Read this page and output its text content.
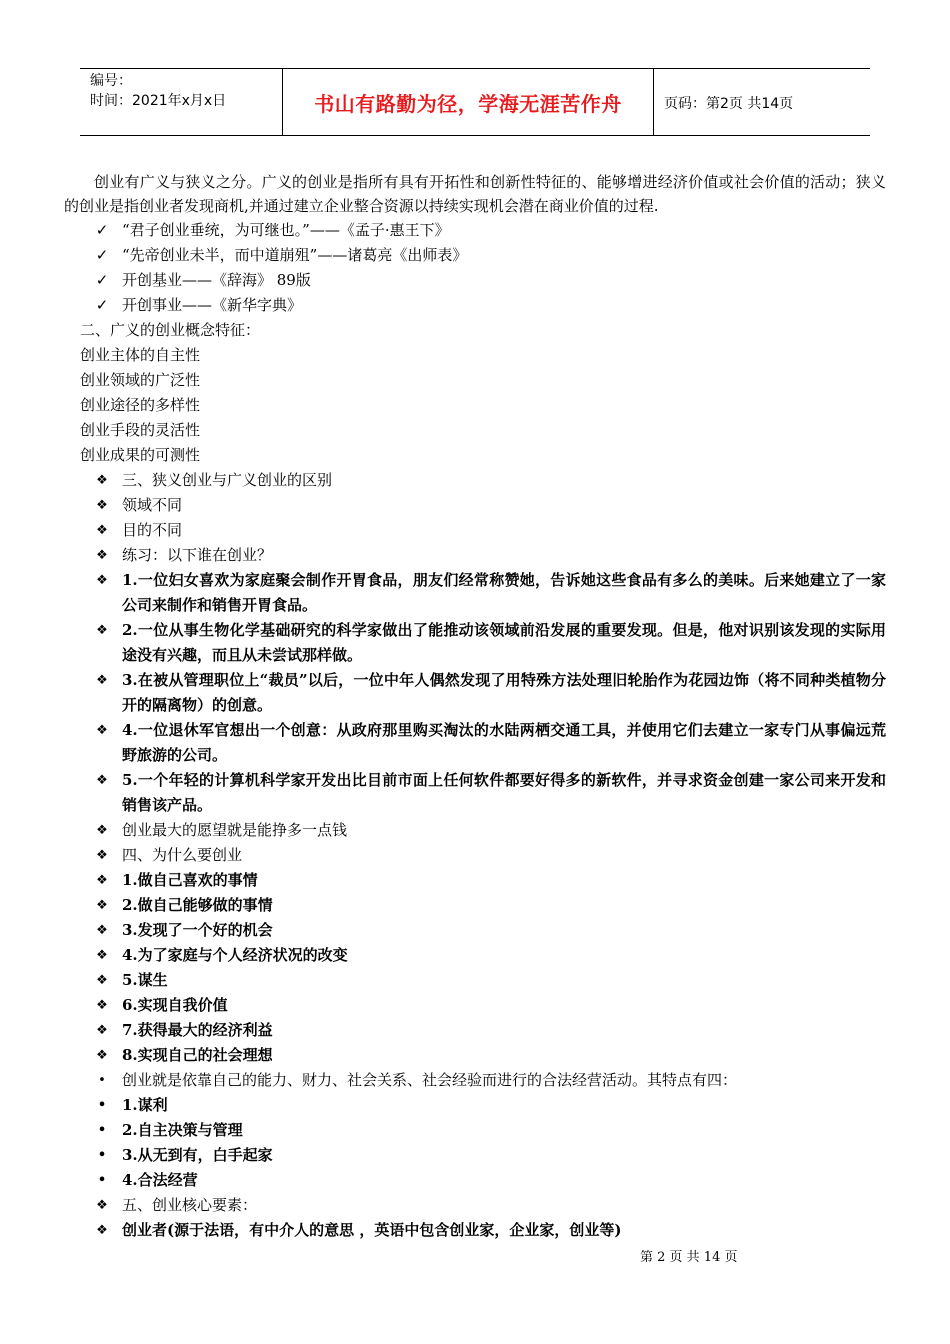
编号：
时间：2021年x月x日	书山有路勤为径，学海无涯苦作舟	页码：第2页 共14页

创业有广义与狭义之分。广义的创业是指所有具有开拓性和创新性特征的、能够增进经济价值或社会价值的活动；狭义的创业是指创业者发现商机,并通过建立企业整合资源以持续实现机会潜在商业价值的过程.

✓ “君子创业垂统，为可继也。”——《孟子·惠王下》
✓ “先帝创业未半，而中道崩殂”——诸葛亮《出师表》
✓ 开创基业——《辞海》 89版
✓ 开创事业——《新华字典》
二、广义的创业概念特征：
创业主体的自主性
创业领域的广泛性
创业途径的多样性
创业手段的灵活性
创业成果的可测性
❖ 三、狭义创业与广义创业的区别
❖ 领域不同
❖ 目的不同
❖ 练习：以下谁在创业？
❖ 1.一位妇女喜欢为家庭聚会制作开胃食品，朋友们经常称赞她，告诉她这些食品有多么的美味。后来她建立了一家公司来制作和销售开胃食品。
❖ 2.一位从事生物化学基础研究的科学家做出了能推动该领域前沿发展的重要发现。但是，他对识别该发现的实际用途没有兴趣，而且从未尝试那样做。
❖ 3.在被从管理职位上“裁员”以后，一位中年人偶然发现了用特殊方法处理旧轮胎作为花园边饰（将不同种类植物分开的隔离物）的创意。
❖ 4.一位退休军官想出一个创意：从政府那里购买淘汰的水陆两栖交通工具，并使用它们去建立一家专门从事偏远荒野旅游的公司。
❖ 5.一个年轻的计算机科学家开发出比目前市面上任何软件都要好得多的新软件，并寻求资金创建一家公司来开发和销售该产品。
❖ 创业最大的愿望就是能挣多一点钱
❖ 四、为什么要创业
❖ 1.做自己喜欢的事情
❖ 2.做自己能够做的事情
❖ 3.发现了一个好的机会
❖ 4.为了家庭与个人经济状况的改变
❖ 5.谋生
❖ 6.实现自我价值
❖ 7.获得最大的经济利益
❖ 8.实现自己的社会理想
•	创业就是依靠自己的能力、财力、社会关系、社会经验而进行的合法经营活动。其特点有四：
•	1.谋利
•	2.自主决策与管理
•	3.从无到有，白手起家
•	4.合法经营
❖ 五、创业核心要素：
❖ 创业者(源于法语，有中介人的意思 ，英语中包含创业家，企业家，创业等)
第 2 页 共 14 页
